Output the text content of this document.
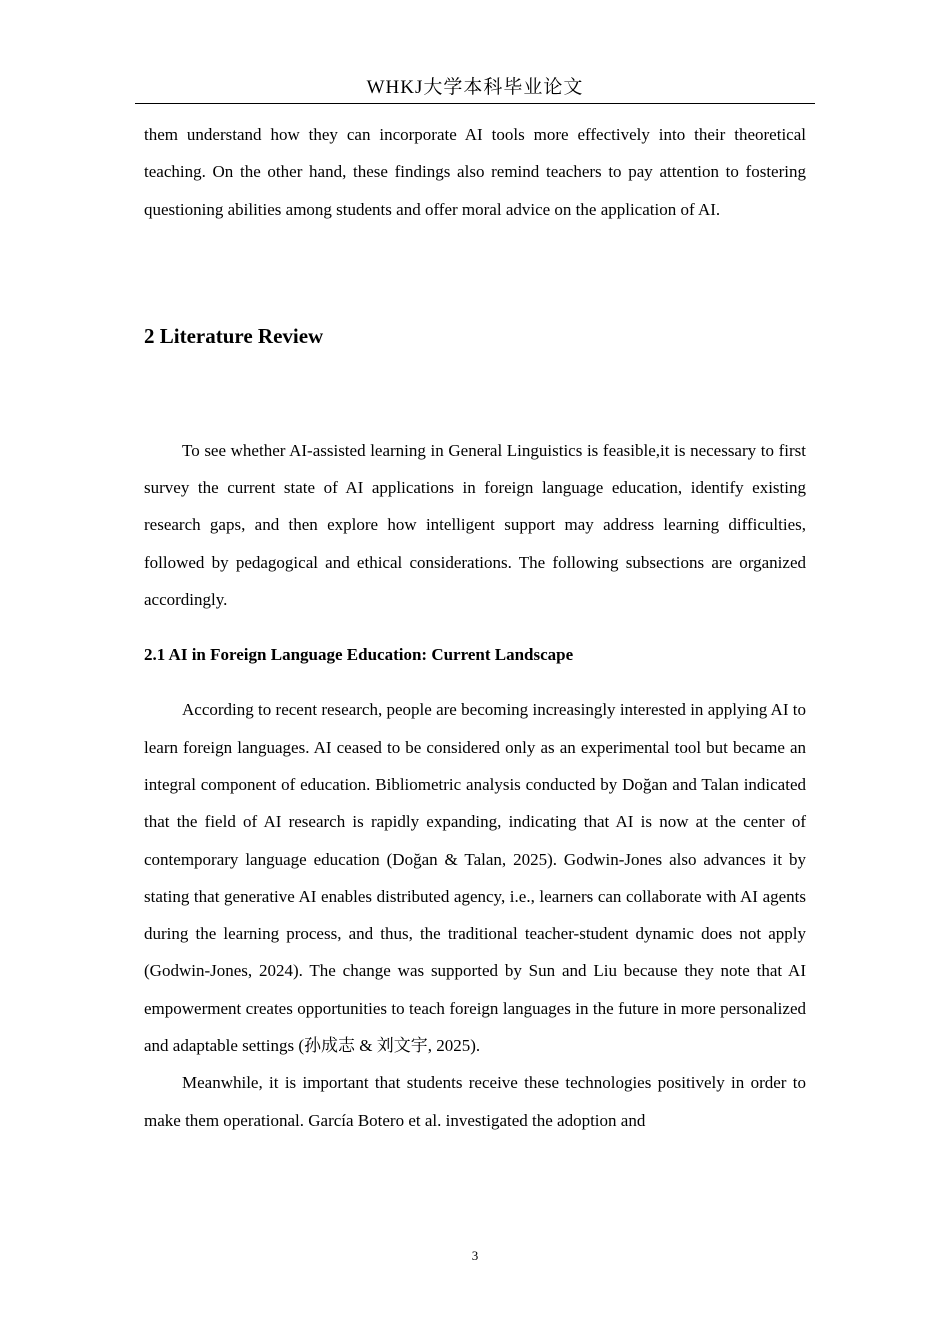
WHKJ大学本科毕业论文

them understand how they can incorporate AI tools more effectively into their theoretical teaching. On the other hand, these findings also remind teachers to pay attention to fostering questioning abilities among students and offer moral advice on the application of AI.

2 Literature Review

To see whether AI-assisted learning in General Linguistics is feasible,it is necessary to first survey the current state of AI applications in foreign language education, identify existing research gaps, and then explore how intelligent support may address learning difficulties, followed by pedagogical and ethical considerations. The following subsections are organized accordingly.

2.1 AI in Foreign Language Education: Current Landscape

According to recent research, people are becoming increasingly interested in applying AI to learn foreign languages. AI ceased to be considered only as an experimental tool but became an integral component of education. Bibliometric analysis conducted by Doğan and Talan indicated that the field of AI research is rapidly expanding, indicating that AI is now at the center of contemporary language education (Doğan & Talan, 2025). Godwin-Jones also advances it by stating that generative AI enables distributed agency, i.e., learners can collaborate with AI agents during the learning process, and thus, the traditional teacher-student dynamic does not apply (Godwin-Jones, 2024). The change was supported by Sun and Liu because they note that AI empowerment creates opportunities to teach foreign languages in the future in more personalized and adaptable settings (孙成志 & 刘文宇, 2025).

Meanwhile, it is important that students receive these technologies positively in order to make them operational. García Botero et al. investigated the adoption and

3
